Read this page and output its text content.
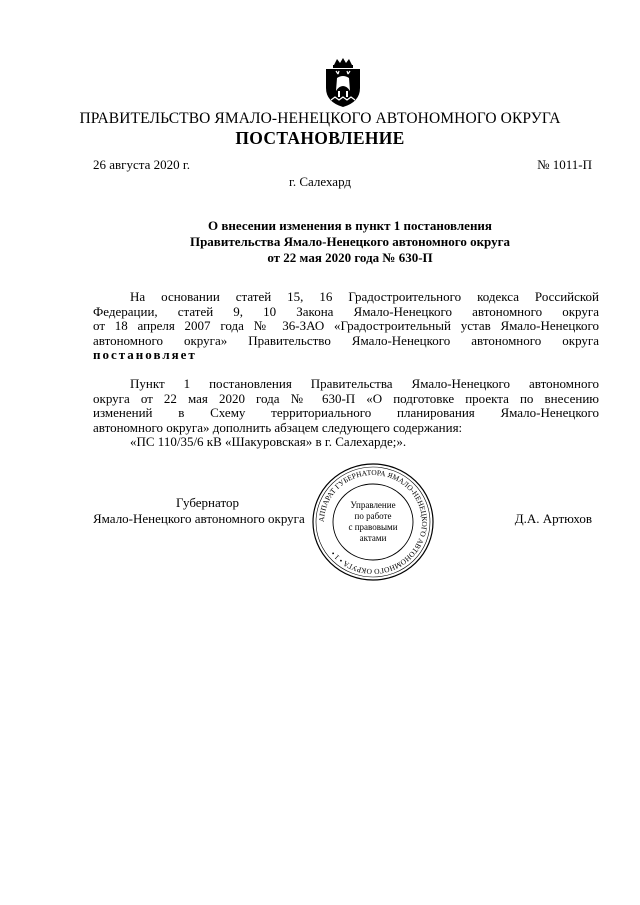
ПРАВИТЕЛЬСТВО ЯМАЛО-НЕНЕЦКОГО АВТОНОМНОГО ОКРУГА
ПОСТАНОВЛЕНИЕ
26 августа 2020 г.	№ 1011-П
г. Салехард
О внесении изменения в пункт 1 постановления
Правительства Ямало-Ненецкого автономного округа
от 22 мая 2020 года № 630-П
На основании статей 15, 16 Градостроительного кодекса Российской
Федерации, статей 9, 10 Закона Ямало-Ненецкого автономного округа
от 18 апреля 2007 года № 36-ЗАО «Градостроительный устав Ямало-Ненецкого
автономного округа» Правительство Ямало-Ненецкого автономного округа
постановляет
Пункт 1 постановления Правительства Ямало-Ненецкого автономного
округа от 22 мая 2020 года № 630-П «О подготовке проекта по внесению
изменений в Схему территориального планирования Ямало-Ненецкого
автономного округа» дополнить абзацем следующего содержания:
«ПС 110/35/6 кВ «Шакуровская» в г. Салехарде;».
Губернатор
Ямало-Ненецкого автономного округа	Д.А. Артюхов
АППАРАТ ГУБЕРНАТОРА ЯМАЛО-НЕНЕЦКОГО АВТОНОМНОГО ОКРУГА • 1 •
Управление
по работе
с правовыми
актами
